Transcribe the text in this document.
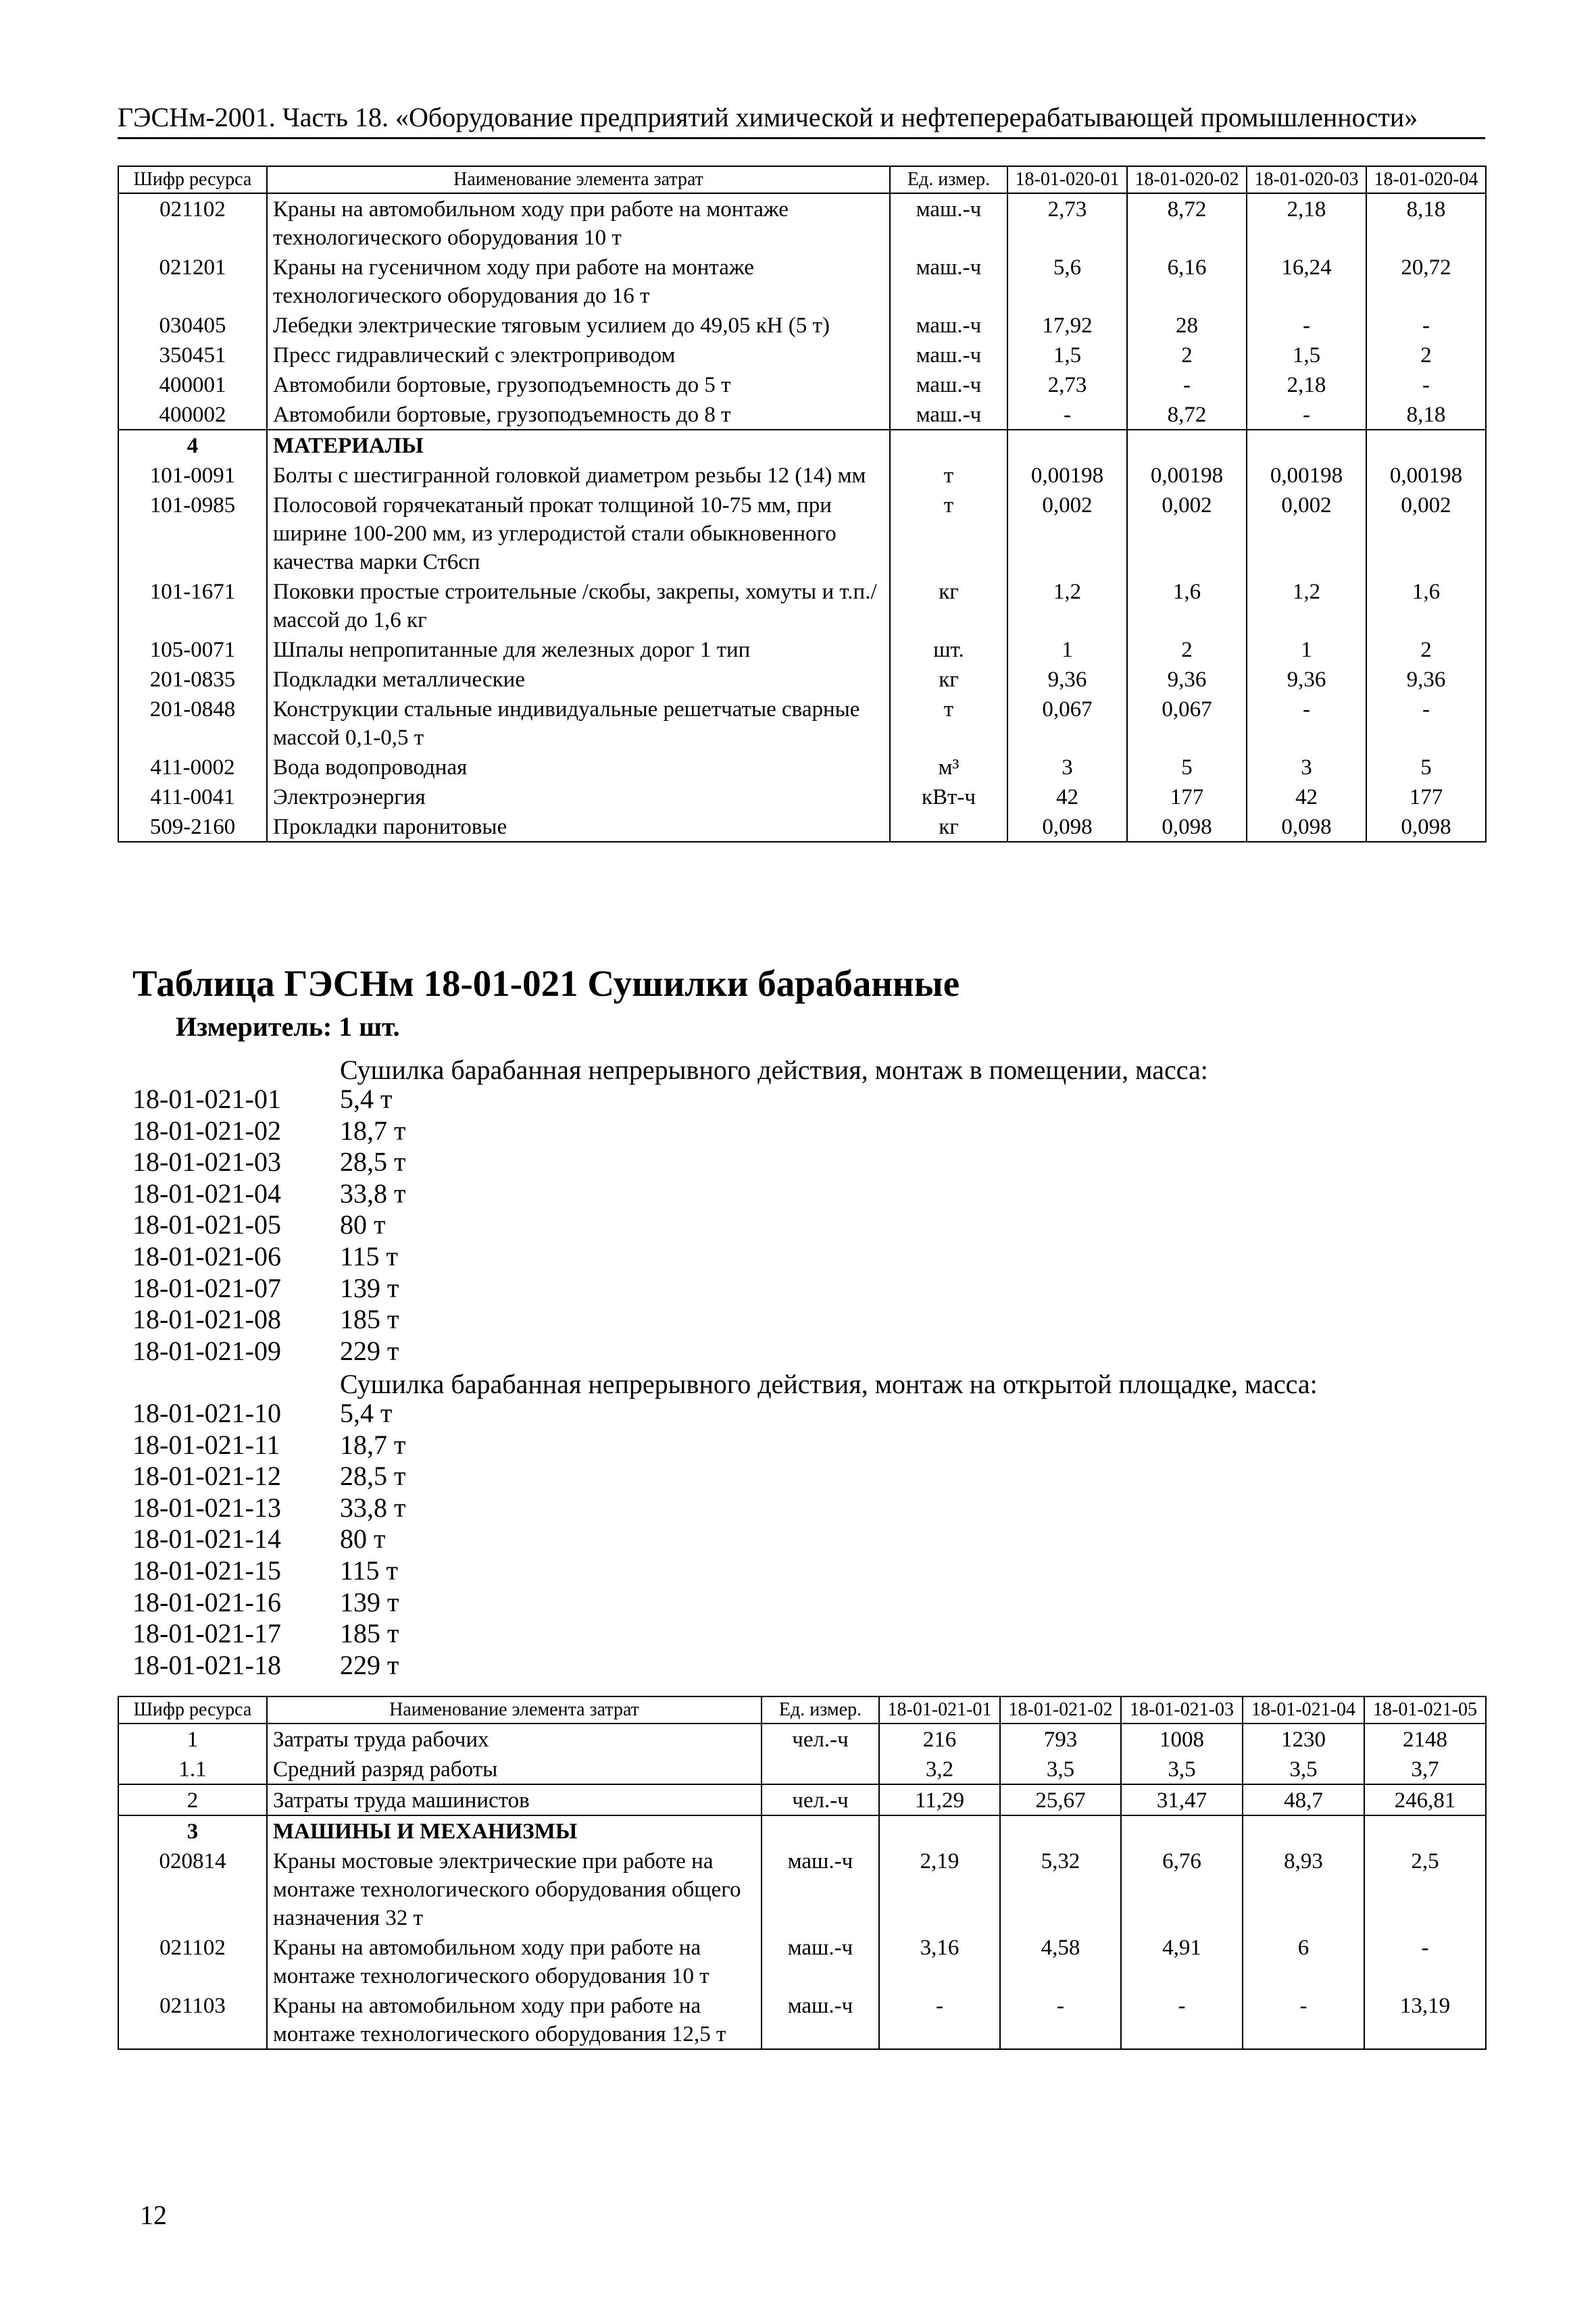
ГЭСНм-2001. Часть 18. «Оборудование предприятий химической и нефтеперерабатывающей промышленности»
Шифр ресурса	Наименование элемента затрат	Ед. измер.	18-01-020-01	18-01-020-02	18-01-020-03	18-01-020-04
021102	Краны на автомобильном ходу при работе на монтаже технологического оборудования 10 т	маш.-ч	2,73	8,72	2,18	8,18
021201	Краны на гусеничном ходу при работе на монтаже технологического оборудования до 16 т	маш.-ч	5,6	6,16	16,24	20,72
030405	Лебедки электрические тяговым усилием до 49,05 кН (5 т)	маш.-ч	17,92	28	-	-
350451	Пресс гидравлический с электроприводом	маш.-ч	1,5	2	1,5	2
400001	Автомобили бортовые, грузоподъемность до 5 т	маш.-ч	2,73	-	2,18	-
400002	Автомобили бортовые, грузоподъемность до 8 т	маш.-ч	-	8,72	-	8,18
4	МАТЕРИАЛЫ					
101-0091	Болты с шестигранной головкой диаметром резьбы 12 (14) мм	т	0,00198	0,00198	0,00198	0,00198
101-0985	Полосовой горячекатаный прокат толщиной 10-75 мм, при ширине 100-200 мм, из углеродистой стали обыкновенного качества марки Ст6сп	т	0,002	0,002	0,002	0,002
101-1671	Поковки простые строительные /скобы, закрепы, хомуты и т.п./ массой до 1,6 кг	кг	1,2	1,6	1,2	1,6
105-0071	Шпалы непропитанные для железных дорог 1 тип	шт.	1	2	1	2
201-0835	Подкладки металлические	кг	9,36	9,36	9,36	9,36
201-0848	Конструкции стальные индивидуальные решетчатые сварные массой 0,1-0,5 т	т	0,067	0,067	-	-
411-0002	Вода водопроводная	м³	3	5	3	5
411-0041	Электроэнергия	кВт-ч	42	177	42	177
509-2160	Прокладки паронитовые	кг	0,098	0,098	0,098	0,098
Таблица ГЭСНм 18-01-021 Сушилки барабанные
Измеритель: 1 шт.
Сушилка барабанная непрерывного действия, монтаж в помещении, масса:
18-01-021-01 5,4 т
18-01-021-02 18,7 т
18-01-021-03 28,5 т
18-01-021-04 33,8 т
18-01-021-05 80 т
18-01-021-06 115 т
18-01-021-07 139 т
18-01-021-08 185 т
18-01-021-09 229 т
Сушилка барабанная непрерывного действия, монтаж на открытой площадке, масса:
18-01-021-10 5,4 т
18-01-021-11 18,7 т
18-01-021-12 28,5 т
18-01-021-13 33,8 т
18-01-021-14 80 т
18-01-021-15 115 т
18-01-021-16 139 т
18-01-021-17 185 т
18-01-021-18 229 т
Шифр ресурса	Наименование элемента затрат	Ед. измер.	18-01-021-01	18-01-021-02	18-01-021-03	18-01-021-04	18-01-021-05
1	Затраты труда рабочих	чел.-ч	216	793	1008	1230	2148
1.1	Средний разряд работы		3,2	3,5	3,5	3,5	3,7
2	Затраты труда машинистов	чел.-ч	11,29	25,67	31,47	48,7	246,81
3	МАШИНЫ И МЕХАНИЗМЫ						
020814	Краны мостовые электрические при работе на монтаже технологического оборудования общего назначения 32 т	маш.-ч	2,19	5,32	6,76	8,93	2,5
021102	Краны на автомобильном ходу при работе на монтаже технологического оборудования 10 т	маш.-ч	3,16	4,58	4,91	6	-
021103	Краны на автомобильном ходу при работе на монтаже технологического оборудования 12,5 т	маш.-ч	-	-	-	-	13,19
12
